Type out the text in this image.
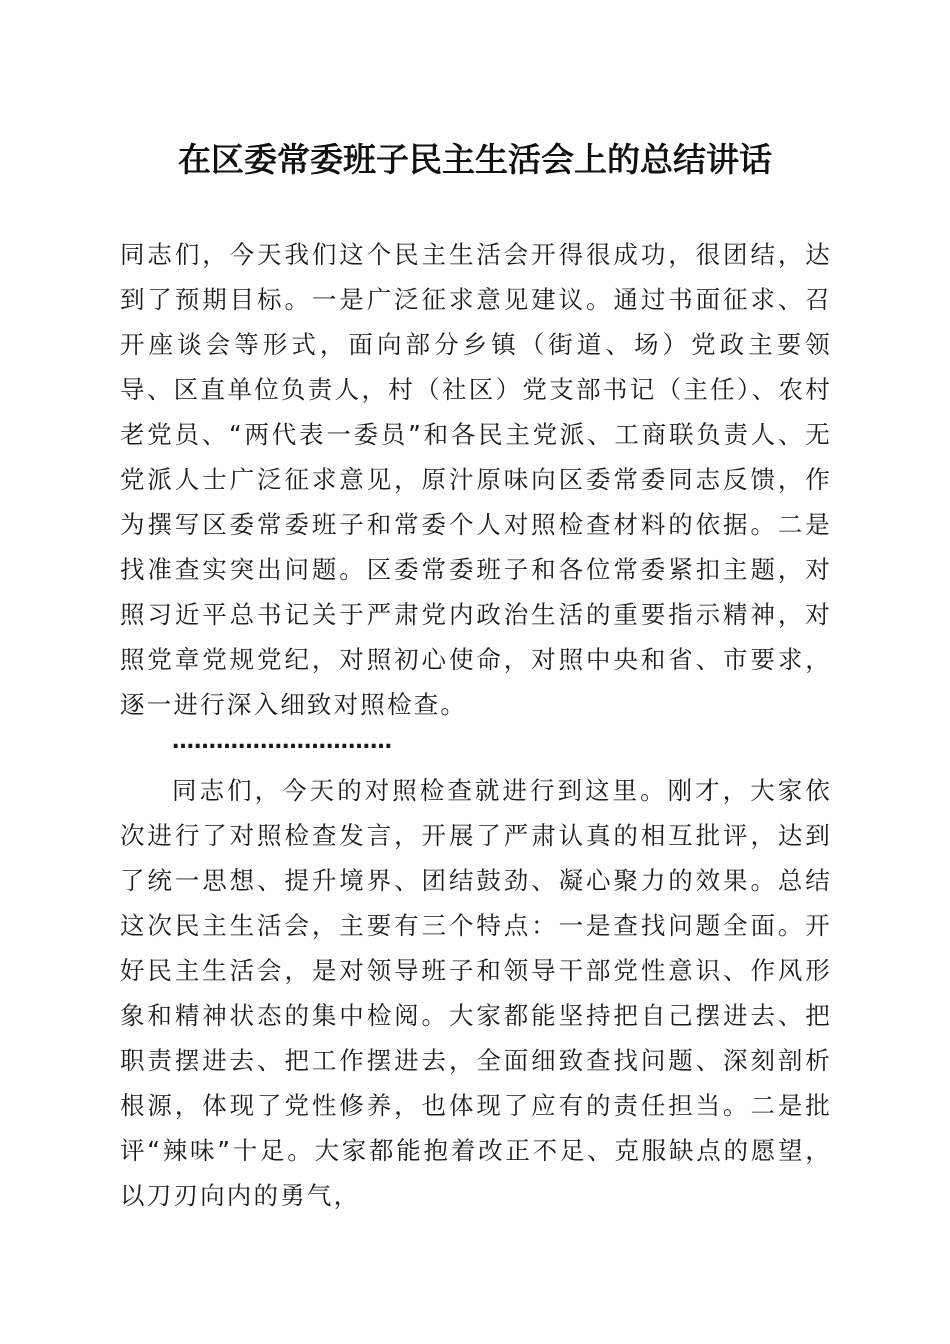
在区委常委班子民主生活会上的总结讲话
同志们，今天我们这个民主生活会开得很成功，很团结，达到了预期目标。一是广泛征求意见建议。通过书面征求、召开座谈会等形式，面向部分乡镇（街道、场）党政主要领导、区直单位负责人，村（社区）党支部书记（主任）、农村老党员、“两代表一委员”和各民主党派、工商联负责人、无党派人士广泛征求意见，原汁原味向区委常委同志反馈，作为撰写区委常委班子和常委个人对照检查材料的依据。二是找准查实突出问题。区委常委班子和各位常委紧扣主题，对照习近平总书记关于严肃党内政治生活的重要指示精神，对照党章党规党纪，对照初心使命，对照中央和省、市要求，逐一进行深入细致对照检查。
…………………………
同志们，今天的对照检查就进行到这里。刚才，大家依次进行了对照检查发言，开展了严肃认真的相互批评，达到了统一思想、提升境界、团结鼓劲、凝心聚力的效果。总结这次民主生活会，主要有三个特点：一是查找问题全面。开好民主生活会，是对领导班子和领导干部党性意识、作风形象和精神状态的集中检阅。大家都能坚持把自己摆进去、把职责摆进去、把工作摆进去，全面细致查找问题、深刻剖析根源，体现了党性修养，也体现了应有的责任担当。二是批评“辣味”十足。大家都能抱着改正不足、克服缺点的愿望，以刀刃向内的勇气，
